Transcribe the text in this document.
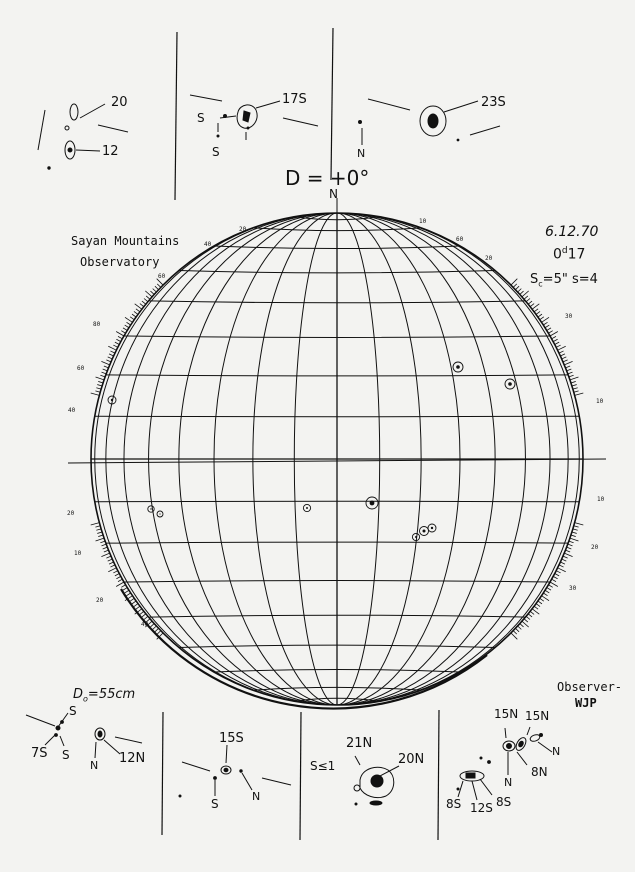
D = +0°
N
Sayan Mountains
Observatory
6.12.70
0$^d$17
$S_c=5$" s=4
$D_o=55cm$	Observer-
WJP
20
12
17S
S
S
23S
N
S
7S S
N 12N
15S
S
N
S≤1
21N
20N
15N 15N
N
8N
N
8S 12S 8S
80
60
40
20
10
20
40
60
30
10
10
20
30
20
40
60
10
20
